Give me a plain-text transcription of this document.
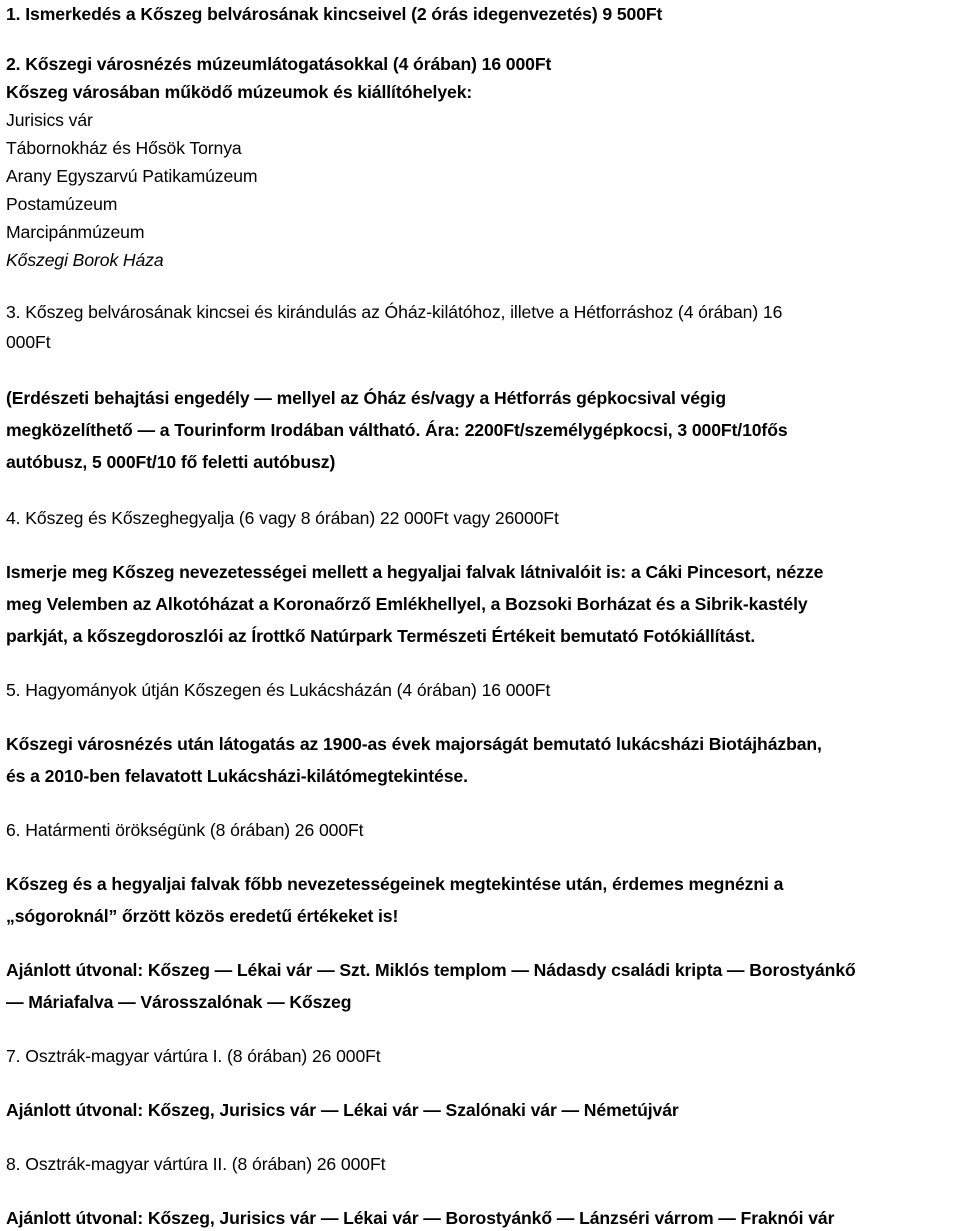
1. Ismerkedés a Kőszeg belvárosának kincseivel (2 órás idegenvezetés) 9 500Ft
2. Kőszegi városnézés múzeumlátogatásokkal (4 órában) 16 000Ft
Kőszeg városában működő múzeumok és kiállítóhelyek:
Jurisics vár
Tábornokház és Hősök Tornya
Arany Egyszarvú Patikamúzeum
Postamúzeum
Marcipánmúzeum
Kőszegi Borok Háza
3. Kőszeg belvárosának kincsei és kirándulás az Óház-kilátóhoz, illetve a Hétforráshoz (4 órában) 16
000Ft
(Erdészeti behajtási engedély — mellyel az Óház és/vagy a Hétforrás gépkocsival végig
megközelíthető — a Tourinform Irodában váltható. Ára: 2200Ft/személygépkocsi, 3 000Ft/10fős
autóbusz, 5 000Ft/10 fő feletti autóbusz)
4. Kőszeg és Kőszeghegyalja (6 vagy 8 órában) 22 000Ft vagy 26000Ft
Ismerje meg Kőszeg nevezetességei mellett a hegyaljai falvak látnivalóit is: a Cáki Pincesort, nézze
meg Velemben az Alkotóházat a Koronaőrző Emlékhellyel, a Bozsoki Borházat és a Sibrik-kastély
parkját, a kőszegdoroszlói az Írottkő Natúrpark Természeti Értékeit bemutató Fotókiállítást.
5. Hagyományok útján Kőszegen és Lukácsházán (4 órában) 16 000Ft
Kőszegi városnézés után látogatás az 1900-as évek majorságát bemutató lukácsházi Biotájházban,
és a 2010-ben felavatott Lukácsházi-kilátómegtekintése.
6. Határmenti örökségünk (8 órában) 26 000Ft
Kőszeg és a hegyaljai falvak főbb nevezetességeinek megtekintése után, érdemes megnézni a
„sógoroknál” őrzött közös eredetű értékeket is!
Ajánlott útvonal: Kőszeg — Lékai vár — Szt. Miklós templom — Nádasdy családi kripta — Borostyánkő
— Máriafalva — Városszalónak — Kőszeg
7. Osztrák-magyar vártúra I. (8 órában) 26 000Ft
Ajánlott útvonal: Kőszeg, Jurisics vár — Lékai vár — Szalónaki vár — Németújvár
8. Osztrák-magyar vártúra II. (8 órában) 26 000Ft
Ajánlott útvonal: Kőszeg, Jurisics vár — Lékai vár — Borostyánkő — Lánzséri várrom — Fraknói vár
